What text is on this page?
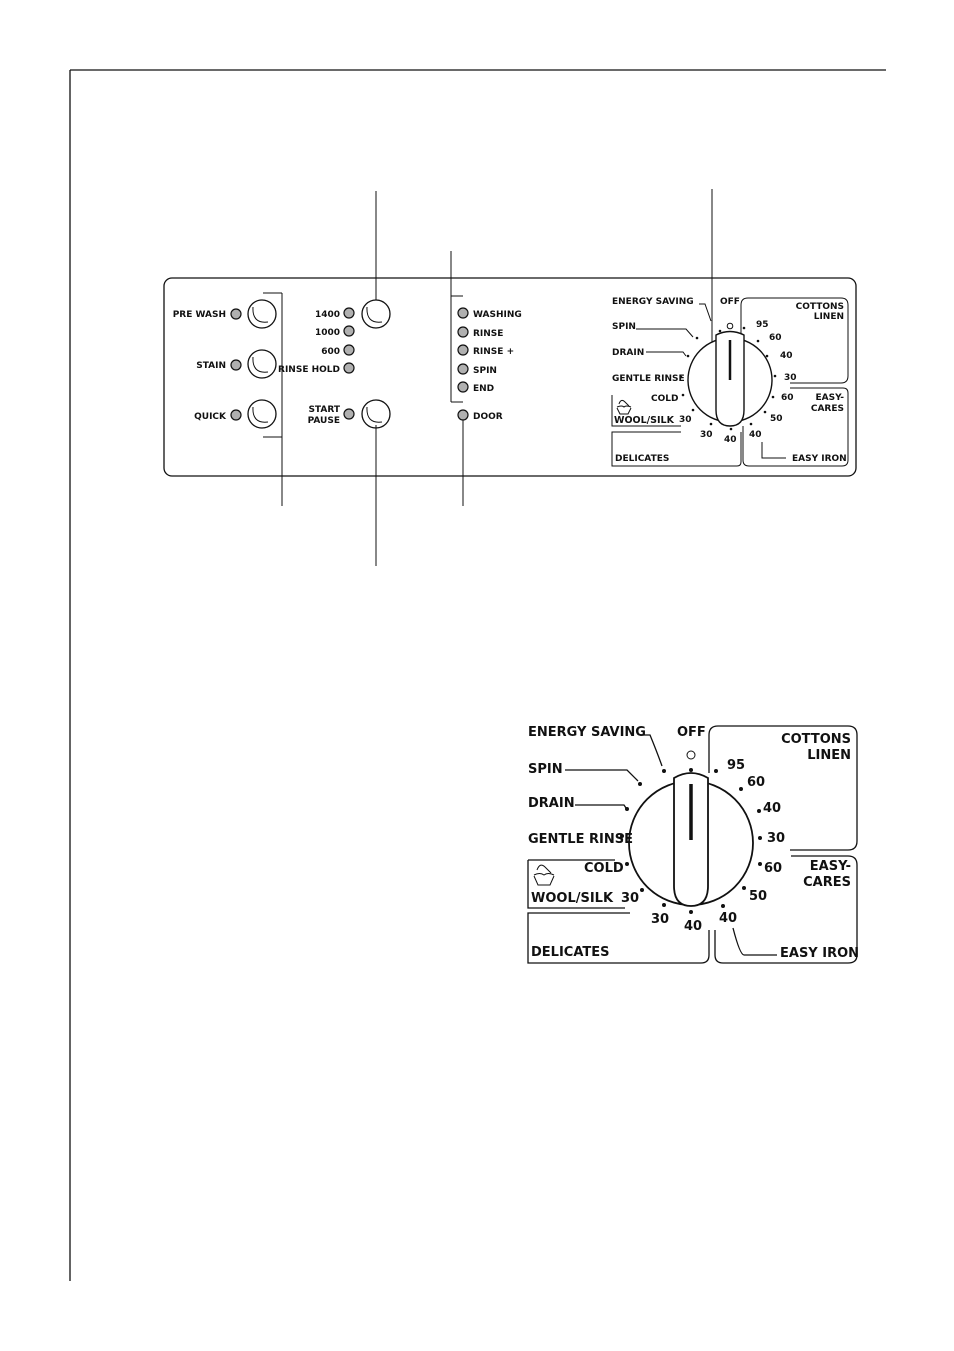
PRE WASH
STAIN
QUICK
1400
1000
600
RINSE HOLD
START
PAUSE
WASHING
RINSE
RINSE +
SPIN
END
DOOR
ENERGY SAVING	OFF
SPIN
DRAIN
GENTLE RINSE
COLD
WOOL/SILK 30
30 40
DELICATES
COTTONS
LINEN
95
60
40
30
EASY-
CARES
60
50
40
EASY IRON
ENERGY SAVING OFF
SPIN
DRAIN
GENTLE RINSE
COLD
WOOL/SILK 30
30 40
DELICATES
COTTONS
LINEN
95
60
40
30
EASY-
CARES
60
50
40
EASY IRON
